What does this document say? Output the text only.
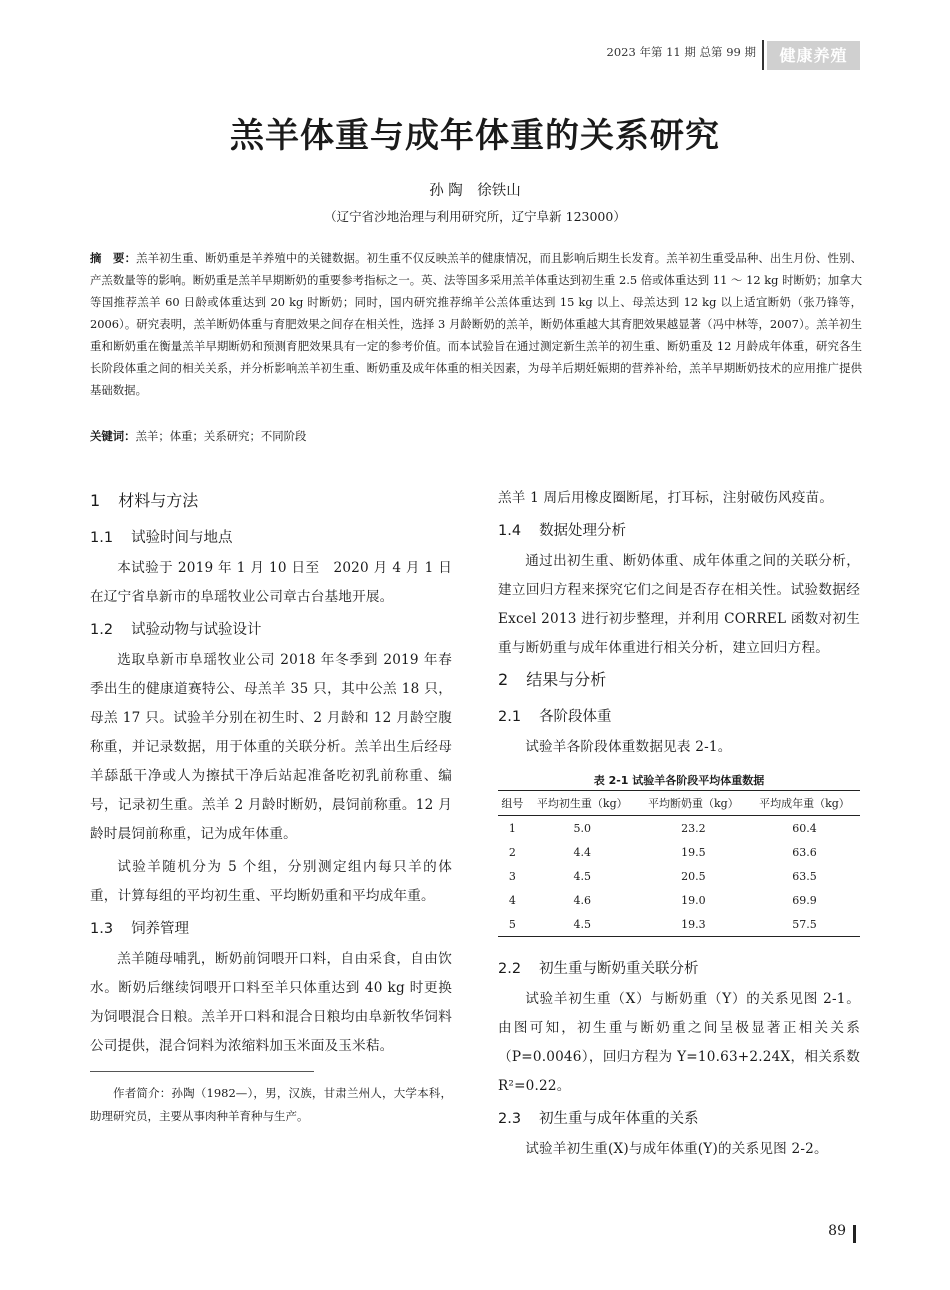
2023 年第 11 期 总第 99 期	健康养殖
羔羊体重与成年体重的关系研究
孙 陶　徐铁山
（辽宁省沙地治理与利用研究所，辽宁阜新 123000）
摘　要：羔羊初生重、断奶重是羊养殖中的关键数据。初生重不仅反映羔羊的健康情况，而且影响后期生长发育。羔羊初生重受品种、出生月份、性别、产羔数量等的影响。断奶重是羔羊早期断奶的重要参考指标之一。英、法等国多采用羔羊体重达到初生重 2.5 倍或体重达到 11 ～ 12 kg 时断奶；加拿大等国推荐羔羊 60 日龄或体重达到 20 kg 时断奶；同时，国内研究推荐绵羊公羔体重达到 15 kg 以上、母羔达到 12 kg 以上适宜断奶（张乃锋等，2006）。研究表明，羔羊断奶体重与育肥效果之间存在相关性，选择 3 月龄断奶的羔羊，断奶体重越大其育肥效果越显著（冯中林等，2007）。羔羊初生重和断奶重在衡量羔羊早期断奶和预测育肥效果具有一定的参考价值。而本试验旨在通过测定新生羔羊的初生重、断奶重及 12 月龄成年体重，研究各生长阶段体重之间的相关关系，并分析影响羔羊初生重、断奶重及成年体重的相关因素，为母羊后期妊娠期的营养补给，羔羊早期断奶技术的应用推广提供基础数据。
关键词：羔羊；体重；关系研究；不同阶段
1 材料与方法
1.1 试验时间与地点

本试验于 2019 年 1 月 10 日至　2020 月 4 月 1 日在辽宁省阜新市的阜瑶牧业公司章古台基地开展。

1.2 试验动物与试验设计

选取阜新市阜瑶牧业公司 2018 年冬季到 2019 年春季出生的健康道赛特公、母羔羊 35 只，其中公羔 18 只，母羔 17 只。试验羊分别在初生时、2 月龄和 12 月龄空腹称重，并记录数据，用于体重的关联分析。羔羊出生后经母羊舔舐干净或人为擦拭干净后站起准备吃初乳前称重、编号，记录初生重。羔羊 2 月龄时断奶，晨饲前称重。12 月龄时晨饲前称重，记为成年体重。

试验羊随机分为 5 个组，分别测定组内每只羊的体重，计算每组的平均初生重、平均断奶重和平均成年重。

1.3 饲养管理

羔羊随母哺乳，断奶前饲喂开口料，自由采食，自由饮水。断奶后继续饲喂开口料至羊只体重达到 40 kg 时更换为饲喂混合日粮。羔羊开口料和混合日粮均由阜新牧华饲料公司提供，混合饲料为浓缩料加玉米面及玉米秸。

作者简介：孙陶（1982—），男，汉族，甘肃兰州人，大学本科，助理研究员，主要从事肉种羊育种与生产。

羔羊 1 周后用橡皮圈断尾，打耳标，注射破伤风疫苗。

1.4 数据处理分析

通过出初生重、断奶体重、成年体重之间的关联分析，建立回归方程来探究它们之间是否存在相关性。试验数据经 Excel 2013 进行初步整理，并利用 CORREL 函数对初生重与断奶重与成年体重进行相关分析，建立回归方程。

2 结果与分析
2.1 各阶段体重

试验羊各阶段体重数据见表 2-1。

表 2-1 试验羊各阶段平均体重数据
组号	平均初生重（kg）	平均断奶重（kg）	平均成年重（kg）
1	5.0	23.2	60.4
2	4.4	19.5	63.6
3	4.5	20.5	63.5
4	4.6	19.0	69.9
5	4.5	19.3	57.5
2.2 初生重与断奶重关联分析

试验羊初生重（X）与断奶重（Y）的关系见图 2-1。由图可知，初生重与断奶重之间呈极显著正相关关系（P=0.0046），回归方程为 Y=10.63+2.24X，相关系数 R²=0.22。

2.3 初生重与成年体重的关系

试验羊初生重(X)与成年体重(Y)的关系见图 2-2。

89
